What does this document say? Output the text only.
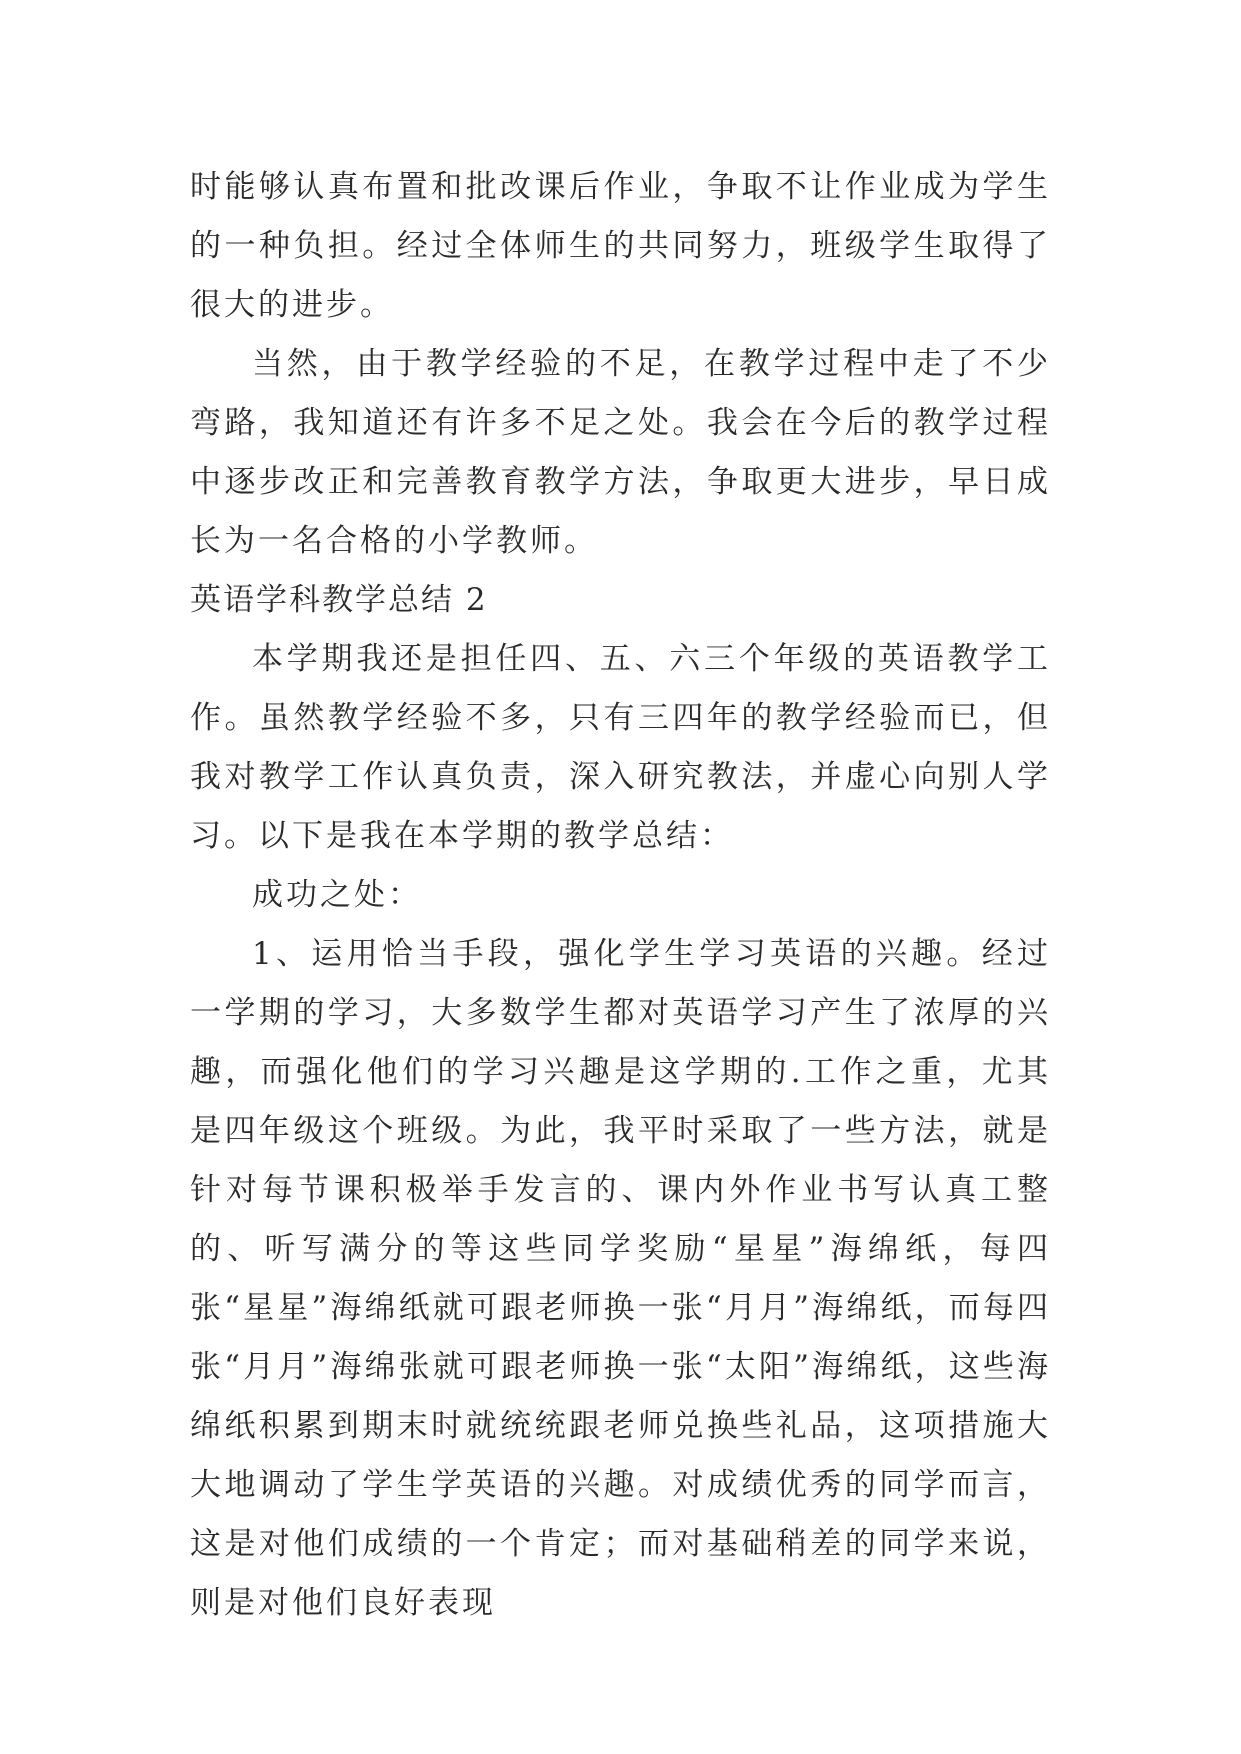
时能够认真布置和批改课后作业，争取不让作业成为学生的一种负担。经过全体师生的共同努力，班级学生取得了很大的进步。

当然，由于教学经验的不足，在教学过程中走了不少弯路，我知道还有许多不足之处。我会在今后的教学过程中逐步改正和完善教育教学方法，争取更大进步，早日成长为一名合格的小学教师。

英语学科教学总结 2

本学期我还是担任四、五、六三个年级的英语教学工作。虽然教学经验不多，只有三四年的教学经验而已，但我对教学工作认真负责，深入研究教法，并虚心向别人学习。以下是我在本学期的教学总结：

成功之处：

1、运用恰当手段，强化学生学习英语的兴趣。经过一学期的学习，大多数学生都对英语学习产生了浓厚的兴趣，而强化他们的学习兴趣是这学期的.工作之重，尤其是四年级这个班级。为此，我平时采取了一些方法，就是针对每节课积极举手发言的、课内外作业书写认真工整的、听写满分的等这些同学奖励“星星”海绵纸，每四张“星星”海绵纸就可跟老师换一张“月月”海绵纸，而每四张“月月”海绵张就可跟老师换一张“太阳”海绵纸，这些海绵纸积累到期末时就统统跟老师兑换些礼品，这项措施大大地调动了学生学英语的兴趣。对成绩优秀的同学而言，这是对他们成绩的一个肯定；而对基础稍差的同学来说，则是对他们良好表现
